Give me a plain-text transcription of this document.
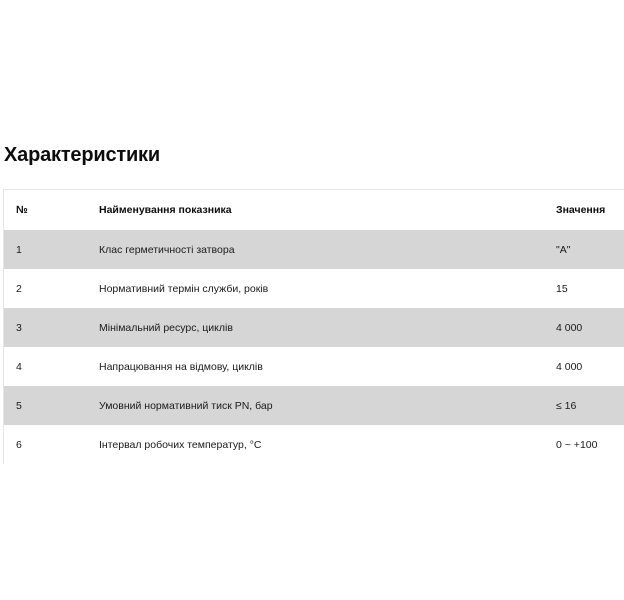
Характеристики
№	Найменування показника	Значення
1	Клас герметичності затвора	"А"
2	Нормативний термін служби, років	15
3	Мінімальний ресурс, циклів	4 000
4	Напрацювання на відмову, циклів	4 000
5	Умовний нормативний тиск PN, бар	≤ 16
6	Інтервал робочих температур, °С	0 ~ +100
